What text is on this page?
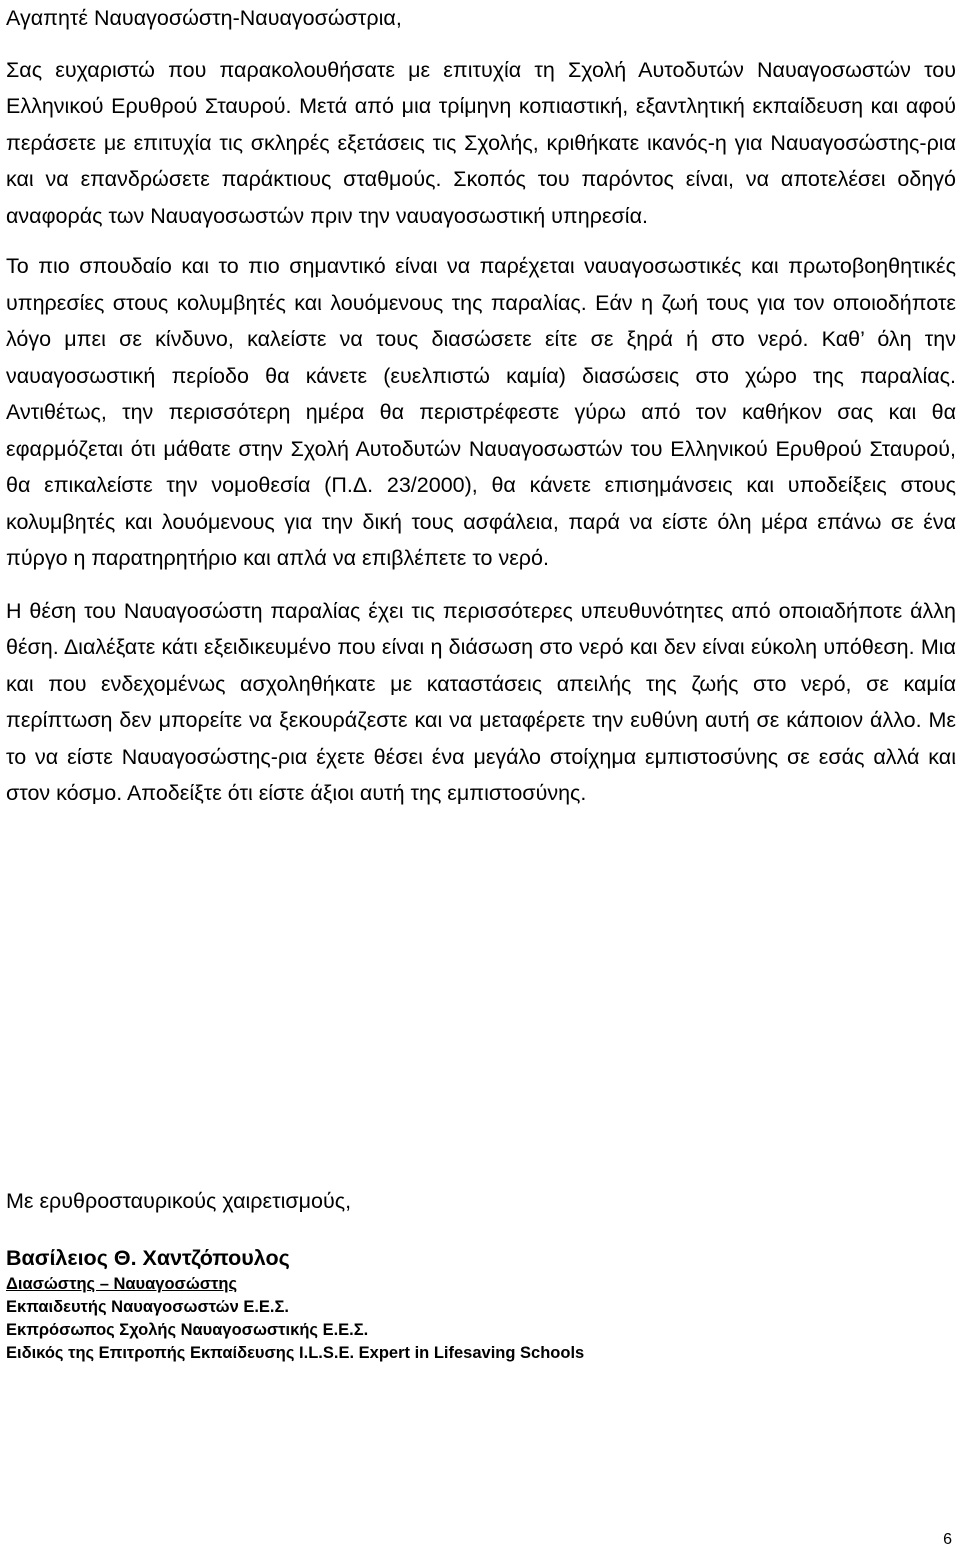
Αγαπητέ Ναυαγοσώστη-Ναυαγοσώστρια,

Σας ευχαριστώ που παρακολουθήσατε με επιτυχία τη Σχολή Αυτοδυτών Ναυαγοσωστών του Ελληνικού Ερυθρού Σταυρού. Μετά από μια τρίμηνη κοπιαστική, εξαντλητική εκπαίδευση και αφού περάσετε με επιτυχία τις σκληρές εξετάσεις τις Σχολής, κριθήκατε ικανός-η για Ναυαγοσώστης-ρια και να επανδρώσετε παράκτιους σταθμούς. Σκοπός του παρόντος είναι, να αποτελέσει οδηγό αναφοράς των Ναυαγοσωστών πριν την ναυαγοσωστική υπηρεσία.

Το πιο σπουδαίο και το πιο σημαντικό είναι να παρέχεται ναυαγοσωστικές και πρωτοβοηθητικές υπηρεσίες στους κολυμβητές και λουόμενους της παραλίας. Εάν η ζωή τους για τον οποιοδήποτε λόγο μπει σε κίνδυνο, καλείστε να τους διασώσετε είτε σε ξηρά ή στο νερό. Καθ’ όλη την ναυαγοσωστική περίοδο θα κάνετε (ευελπιστώ καμία) διασώσεις στο χώρο της παραλίας. Αντιθέτως, την περισσότερη ημέρα θα περιστρέφεστε γύρω από τον καθήκον σας και θα εφαρμόζεται ότι μάθατε στην Σχολή Αυτοδυτών Ναυαγοσωστών του Ελληνικού Ερυθρού Σταυρού, θα επικαλείστε την νομοθεσία (Π.Δ. 23/2000), θα κάνετε επισημάνσεις και υποδείξεις στους κολυμβητές και λουόμενους για την δική τους ασφάλεια, παρά να είστε όλη μέρα επάνω σε ένα πύργο η παρατηρητήριο και απλά να επιβλέπετε το νερό.

Η θέση του Ναυαγοσώστη παραλίας έχει τις περισσότερες υπευθυνότητες από οποιαδήποτε άλλη θέση. Διαλέξατε κάτι εξειδικευμένο που είναι η διάσωση στο νερό και δεν είναι εύκολη υπόθεση. Μια και που ενδεχομένως ασχοληθήκατε με καταστάσεις απειλής της ζωής στο νερό, σε καμία περίπτωση δεν μπορείτε να ξεκουράζεστε και να μεταφέρετε την ευθύνη αυτή σε κάποιον άλλο. Με το να είστε Ναυαγοσώστης-ρια έχετε θέσει ένα μεγάλο στοίχημα εμπιστοσύνης σε εσάς αλλά και στον κόσμο. Αποδείξτε ότι είστε άξιοι αυτή της εμπιστοσύνης.

Με ερυθροσταυρικούς χαιρετισμούς,

Βασίλειος Θ. Χαντζόπουλος

Διασώστης – Ναυαγοσώστης

Εκπαιδευτής Ναυαγοσωστών Ε.Ε.Σ.

Εκπρόσωπος Σχολής Ναυαγοσωστικής Ε.Ε.Σ.

Ειδικός της Επιτροπής Εκπαίδευσης I.L.S.E. Expert in Lifesaving Schools

6
